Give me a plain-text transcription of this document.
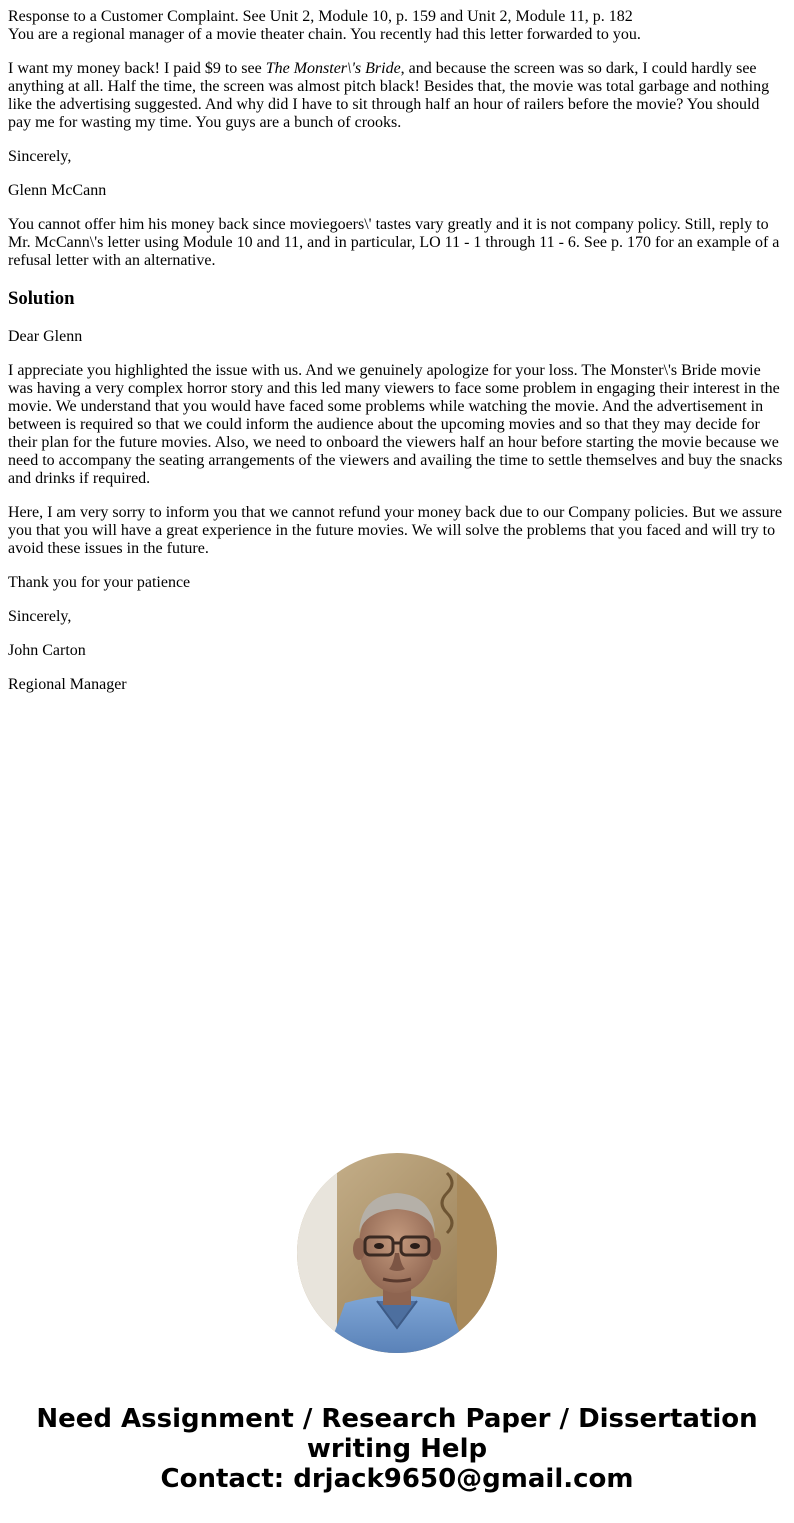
Response to a Customer Complaint. See Unit 2, Module 10, p. 159 and Unit 2, Module 11, p. 182
You are a regional manager of a movie theater chain. You recently had this letter forwarded to you.

I want my money back! I paid $9 to see The Monster\'s Bride, and because the screen was so dark, I could hardly see anything at all. Half the time, the screen was almost pitch black! Besides that, the movie was total garbage and nothing like the advertising suggested. And why did I have to sit through half an hour of railers before the movie? You should pay me for wasting my time. You guys are a bunch of crooks.

Sincerely,

Glenn McCann

You cannot offer him his money back since moviegoers\' tastes vary greatly and it is not company policy. Still, reply to Mr. McCann\'s letter using Module 10 and 11, and in particular, LO 11 - 1 through 11 - 6. See p. 170 for an example of a refusal letter with an alternative.

Solution

Dear Glenn

I appreciate you highlighted the issue with us. And we genuinely apologize for your loss. The Monster\'s Bride movie was having a very complex horror story and this led many viewers to face some problem in engaging their interest in the movie. We understand that you would have faced some problems while watching the movie. And the advertisement in between is required so that we could inform the audience about the upcoming movies and so that they may decide for their plan for the future movies. Also, we need to onboard the viewers half an hour before starting the movie because we need to accompany the seating arrangements of the viewers and availing the time to settle themselves and buy the snacks and drinks if required.

Here, I am very sorry to inform you that we cannot refund your money back due to our Company policies. But we assure you that you will have a great experience in the future movies. We will solve the problems that you faced and will try to avoid these issues in the future.

Thank you for your patience

Sincerely,

John Carton

Regional Manager

Need Assignment / Research Paper / Dissertation
writing Help
Contact: drjack9650@gmail.com
